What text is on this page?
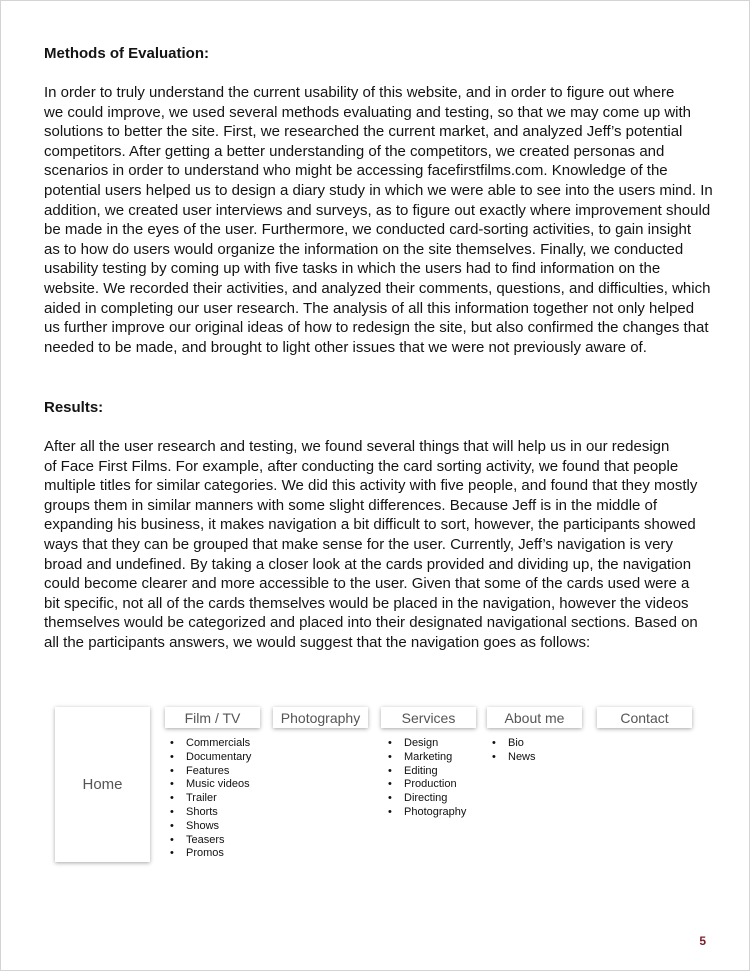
Methods of Evaluation:
In order to truly understand the current usability of this website, and in order to figure out where
we could improve, we used several methods evaluating and testing, so that we may come up with
solutions to better the site. First, we researched the current market, and analyzed Jeff’s potential
competitors. After getting a better understanding of the competitors, we created personas and
scenarios in order to understand who might be accessing facefirstfilms.com. Knowledge of the
potential users helped us to design a diary study in which we were able to see into the users mind. In
addition, we created user interviews and surveys, as to figure out exactly where improvement should
be made in the eyes of the user. Furthermore, we conducted card-sorting activities, to gain insight
as to how do users would organize the information on the site themselves. Finally, we conducted
usability testing by coming up with five tasks in which the users had to find information on the
website. We recorded their activities, and analyzed their comments, questions, and difficulties, which
aided in completing our user research. The analysis of all this information together not only helped
us further improve our original ideas of how to redesign the site, but also confirmed the changes that
needed to be made, and brought to light other issues that we were not previously aware of.
Results:
After all the user research and testing, we found several things that will help us in our redesign
of Face First Films. For example, after conducting the card sorting activity, we found that people
multiple titles for similar categories. We did this activity with five people, and found that they mostly
groups them in similar manners with some slight differences. Because Jeff is in the middle of
expanding his business, it makes navigation a bit difficult to sort, however, the participants showed
ways that they can be grouped that make sense for the user. Currently, Jeff’s navigation is very
broad and undefined. By taking a closer look at the cards provided and dividing up, the navigation
could become clearer and more accessible to the user. Given that some of the cards used were a
bit specific, not all of the cards themselves would be placed in the navigation, however the videos
themselves would be categorized and placed into their designated navigational sections. Based on
all the participants answers, we would suggest that the navigation goes as follows:
Home
Film / TV	Photography	Services	About me	Contact
• Commercials
• Documentary
• Features
• Music videos
• Trailer
• Shorts
• Shows
• Teasers
• Promos
• Design
• Marketing
• Editing
• Production
• Directing
• Photography
• Bio
• News
5
